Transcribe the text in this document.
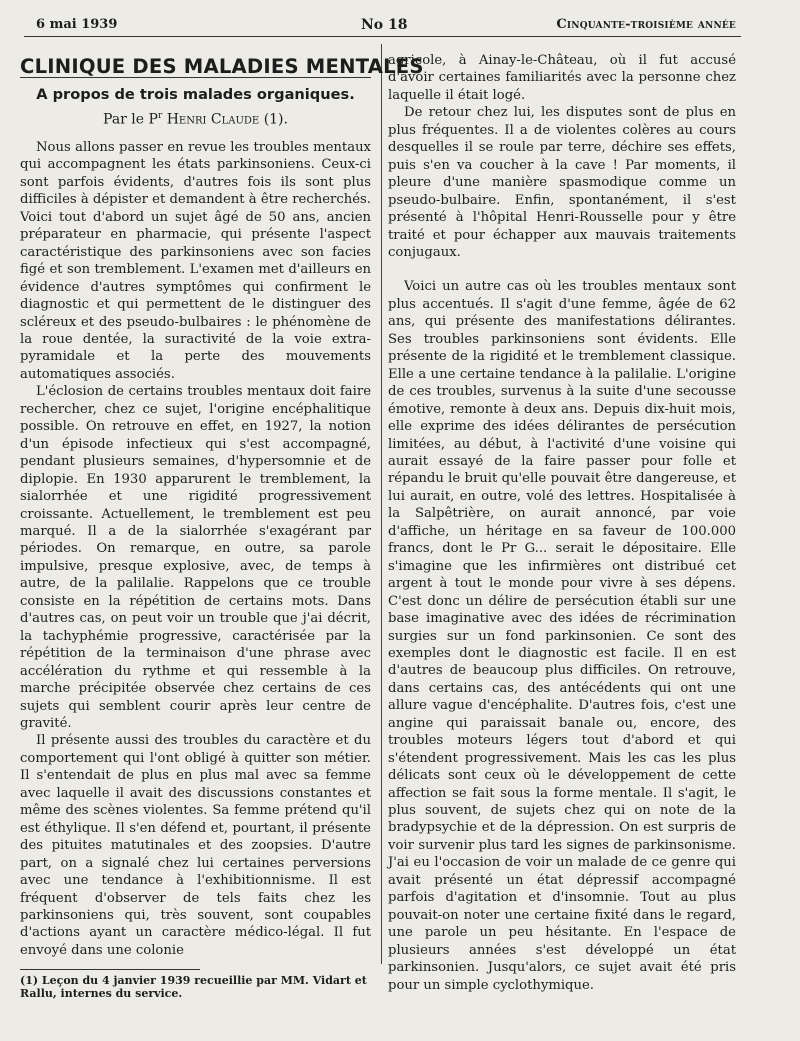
6 mai 1939	No 18	Cinquante-troisième année
CLINIQUE DES MALADIES MENTALES
A propos de trois malades organiques.
Par le $P^r$ Henri Claude (1).

Nous allons passer en revue les troubles mentaux qui accompagnent les états parkinsoniens. Ceux-ci sont parfois évidents, d'autres fois ils sont plus difficiles à dépister et demandent à être recherchés. Voici tout d'abord un sujet âgé de 50 ans, ancien préparateur en pharmacie, qui présente l'aspect caractéristique des parkinsoniens avec son facies figé et son tremblement. L'examen met d'ailleurs en évidence d'autres symptômes qui confirment le diagnostic et qui permettent de le distinguer des scléreux et des pseudo-bulbaires : le phénomène de la roue dentée, la suractivité de la voie extra-pyramidale et la perte des mouvements automatiques associés.

L'éclosion de certains troubles mentaux doit faire rechercher, chez ce sujet, l'origine encéphalitique possible. On retrouve en effet, en 1927, la notion d'un épisode infectieux qui s'est accompagné, pendant plusieurs semaines, d'hypersomnie et de diplopie. En 1930 apparurent le tremblement, la sialorrhée et une rigidité progressivement croissante. Actuellement, le tremblement est peu marqué. Il a de la sialorrhée s'exagérant par périodes. On remarque, en outre, sa parole impulsive, presque explosive, avec, de temps à autre, de la palilalie. Rappelons que ce trouble consiste en la répétition de certains mots. Dans d'autres cas, on peut voir un trouble que j'ai décrit, la tachyphémie progressive, caractérisée par la répétition de la terminaison d'une phrase avec accélération du rythme et qui ressemble à la marche précipitée observée chez certains de ces sujets qui semblent courir après leur centre de gravité.

Il présente aussi des troubles du caractère et du comportement qui l'ont obligé à quitter son métier. Il s'entendait de plus en plus mal avec sa femme avec laquelle il avait des discussions constantes et même des scènes violentes. Sa femme prétend qu'il est éthylique. Il s'en défend et, pourtant, il présente des pituites matutinales et des zoopsies. D'autre part, on a signalé chez lui certaines perversions avec une tendance à l'exhibitionnisme. Il est fréquent d'observer de tels faits chez les parkinsoniens qui, très souvent, sont coupables d'actions ayant un caractère médico-légal. Il fut envoyé dans une colonie

(1) Leçon du 4 janvier 1939 recueillie par MM. Vidart et Rallu, internes du service.

agricole, à Ainay-le-Château, où il fut accusé d'avoir certaines familiarités avec la personne chez laquelle il était logé.

De retour chez lui, les disputes sont de plus en plus fréquentes. Il a de violentes colères au cours desquelles il se roule par terre, déchire ses effets, puis s'en va coucher à la cave ! Par moments, il pleure d'une manière spasmodique comme un pseudo-bulbaire. Enfin, spontanément, il s'est présenté à l'hôpital Henri-Rousselle pour y être traité et pour échapper aux mauvais traitements conjugaux.

Voici un autre cas où les troubles mentaux sont plus accentués. Il s'agit d'une femme, âgée de 62 ans, qui présente des manifestations délirantes. Ses troubles parkinsoniens sont évidents. Elle présente de la rigidité et le tremblement classique. Elle a une certaine tendance à la palilalie. L'origine de ces troubles, survenus à la suite d'une secousse émotive, remonte à deux ans. Depuis dix-huit mois, elle exprime des idées délirantes de persécution limitées, au début, à l'activité d'une voisine qui aurait essayé de la faire passer pour folle et répandu le bruit qu'elle pouvait être dangereuse, et lui aurait, en outre, volé des lettres. Hospitalisée à la Salpêtrière, on aurait annoncé, par voie d'affiche, un héritage en sa faveur de 100.000 francs, dont le Pr G... serait le dépositaire. Elle s'imagine que les infirmières ont distribué cet argent à tout le monde pour vivre à ses dépens. C'est donc un délire de persécution établi sur une base imaginative avec des idées de récrimination surgies sur un fond parkinsonien. Ce sont des exemples dont le diagnostic est facile. Il en est d'autres de beaucoup plus difficiles. On retrouve, dans certains cas, des antécédents qui ont une allure vague d'encéphalite. D'autres fois, c'est une angine qui paraissait banale ou, encore, des troubles moteurs légers tout d'abord et qui s'étendent progressivement. Mais les cas les plus délicats sont ceux où le développement de cette affection se fait sous la forme mentale. Il s'agit, le plus souvent, de sujets chez qui on note de la bradypsychie et de la dépression. On est surpris de voir survenir plus tard les signes de parkinsonisme. J'ai eu l'occasion de voir un malade de ce genre qui avait présenté un état dépressif accompagné parfois d'agitation et d'insomnie. Tout au plus pouvait-on noter une certaine fixité dans le regard, une parole un peu hésitante. En l'espace de plusieurs années s'est développé un état parkinsonien. Jusqu'alors, ce sujet avait été pris pour un simple cyclothymique.
